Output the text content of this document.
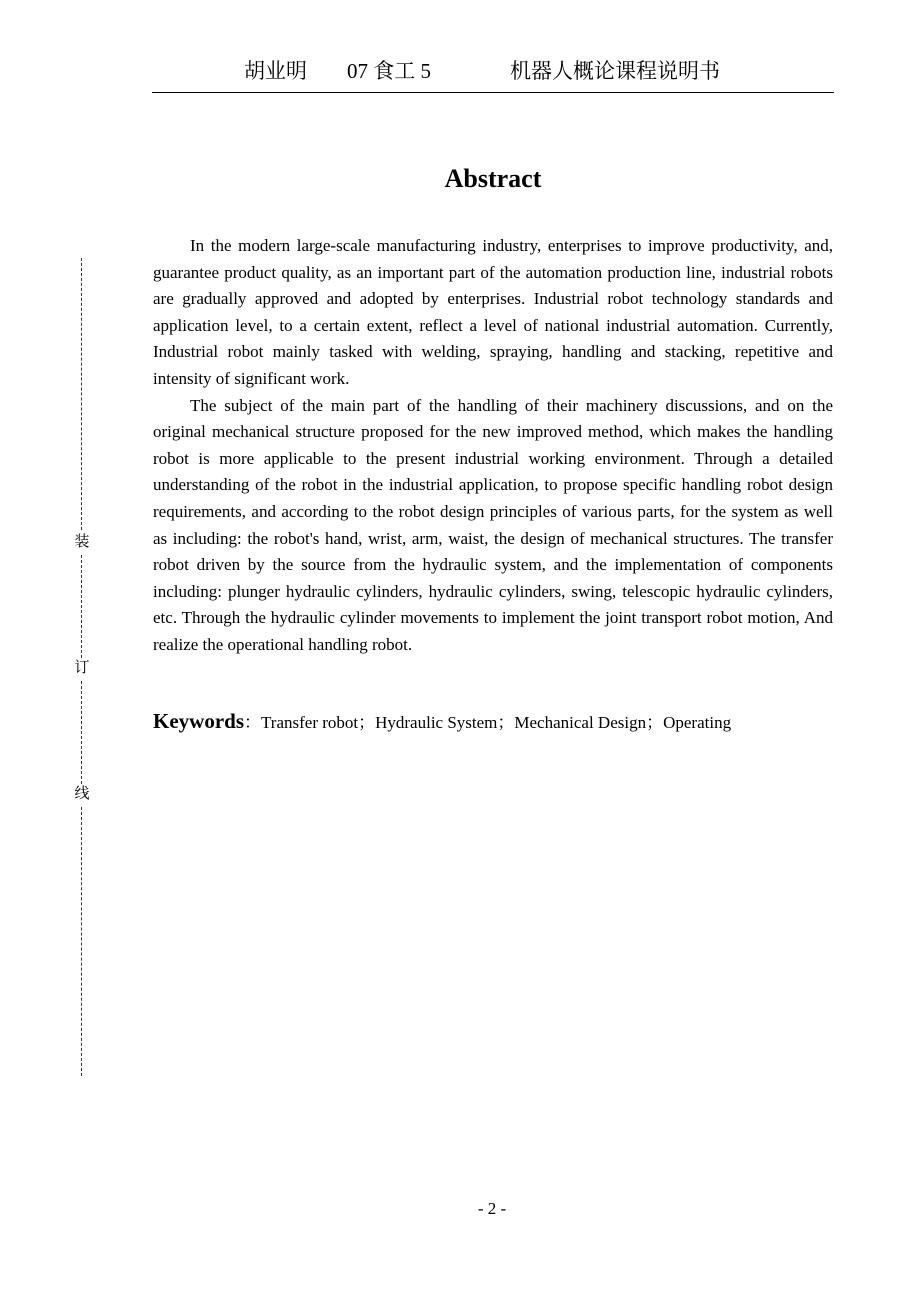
胡业明 07 食工 5	机器人概论课程说明书
装
订
线
Abstract

In the modern large-scale manufacturing industry, enterprises to improve productivity, and, guarantee product quality, as an important part of the automation production line, industrial robots are gradually approved and adopted by enterprises. Industrial robot technology standards and application level, to a certain extent, reflect a level of national industrial automation. Currently, Industrial robot mainly tasked with welding, spraying, handling and stacking, repetitive and intensity of significant work.

The subject of the main part of the handling of their machinery discussions, and on the original mechanical structure proposed for the new improved method, which makes the handling robot is more applicable to the present industrial working environment. Through a detailed understanding of the robot in the industrial application, to propose specific handling robot design requirements, and according to the robot design principles of various parts, for the system as well as including: the robot's hand, wrist, arm, waist, the design of mechanical structures. The transfer robot driven by the source from the hydraulic system, and the implementation of components including: plunger hydraulic cylinders, hydraulic cylinders, swing, telescopic hydraulic cylinders, etc. Through the hydraulic cylinder movements to implement the joint transport robot motion, And realize the operational handling robot.

Keywords：Transfer robot；Hydraulic System；Mechanical Design；Operating
- 2 -
